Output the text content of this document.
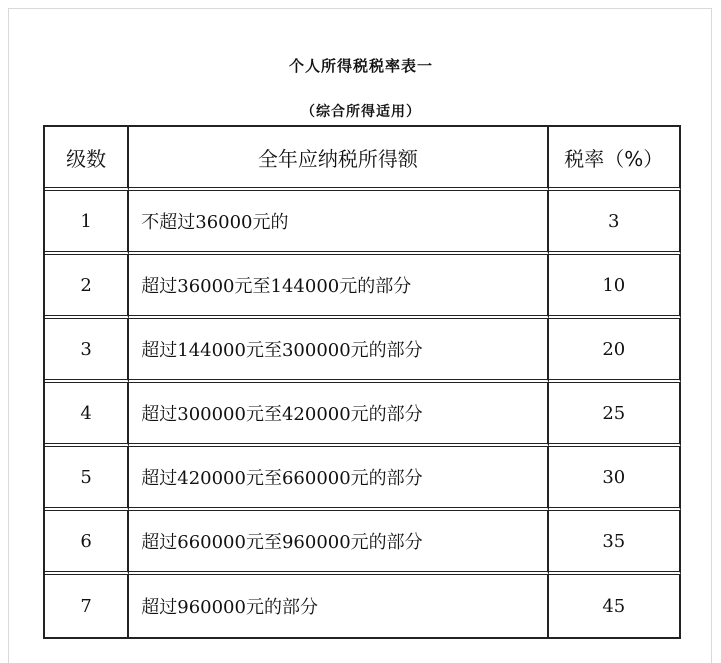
个人所得税税率表一
（综合所得适用）
级数	全年应纳税所得额	税率（%）
1	不超过36000元的	3
2	超过36000元至144000元的部分	10
3	超过144000元至300000元的部分	20
4	超过300000元至420000元的部分	25
5	超过420000元至660000元的部分	30
6	超过660000元至960000元的部分	35
7	超过960000元的部分	45
